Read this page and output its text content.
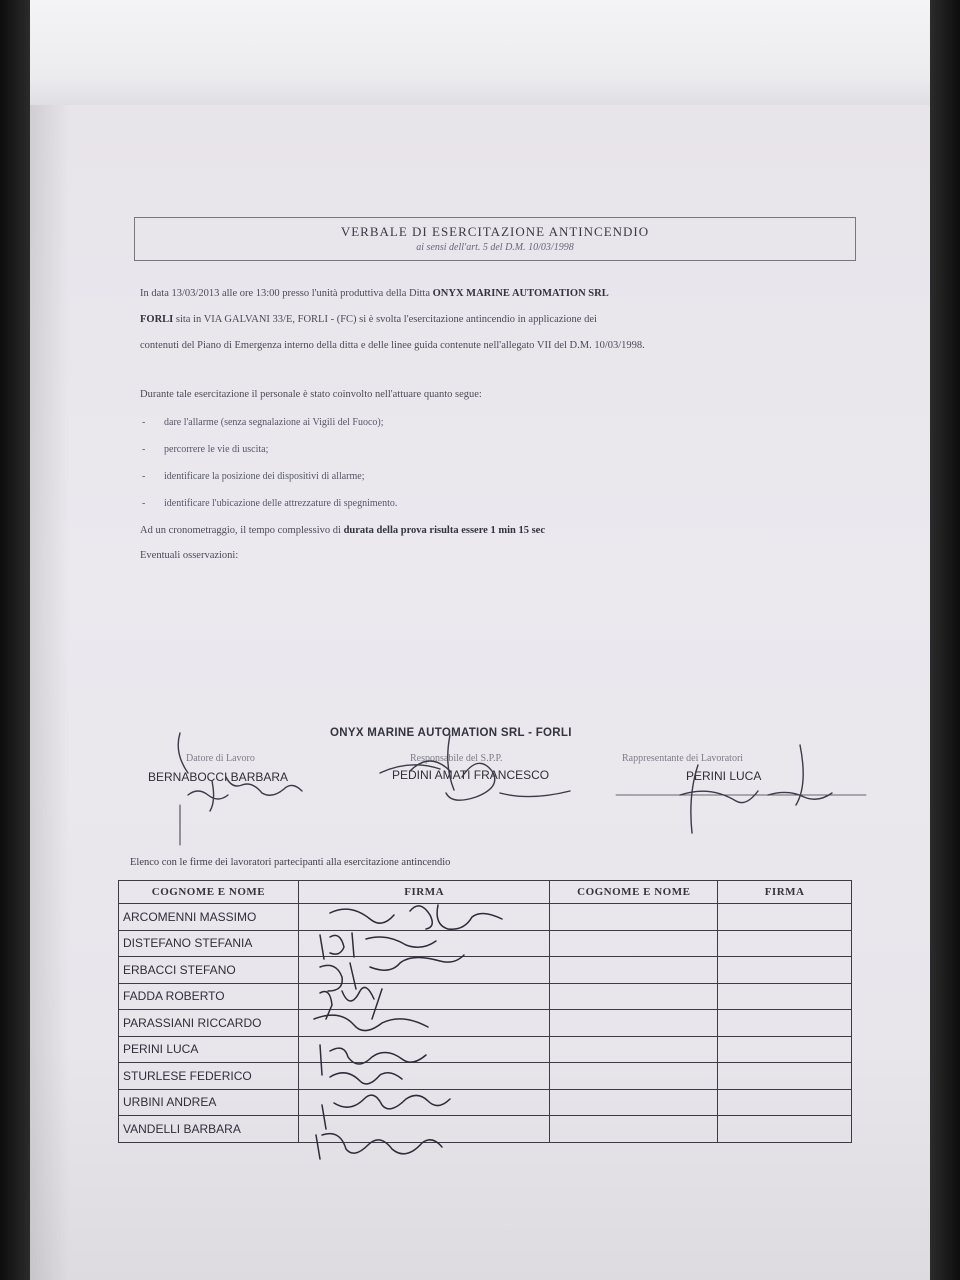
VERBALE DI ESERCITAZIONE ANTINCENDIO
ai sensi dell'art. 5 del D.M. 10/03/1998
In data 13/03/2013 alle ore 13:00 presso l'unità produttiva della Ditta ONYX MARINE AUTOMATION SRL
FORLI sita in VIA GALVANI 33/E, FORLI - (FC) si è svolta l'esercitazione antincendio in applicazione dei
contenuti del Piano di Emergenza interno della ditta e delle linee guida contenute nell'allegato VII del D.M. 10/03/1998.
Durante tale esercitazione il personale è stato coinvolto nell'attuare quanto segue:
- dare l'allarme (senza segnalazione ai Vigili del Fuoco);
- percorrere le vie di uscita;
- identificare la posizione dei dispositivi di allarme;
- identificare l'ubicazione delle attrezzature di spegnimento.
Ad un cronometraggio, il tempo complessivo di durata della prova risulta essere 1 min 15 sec
Eventuali osservazioni:
ONYX MARINE AUTOMATION SRL - FORLI
Datore di Lavoro
BERNABOCCI BARBARA
Responsabile del S.P.P.
PEDINI AMATI FRANCESCO
Rappresentante dei Lavoratori
PERINI LUCA
Elenco con le firme dei lavoratori partecipanti alla esercitazione antincendio
COGNOME E NOME	FIRMA	COGNOME E NOME	FIRMA
ARCOMENNI MASSIMO			
DISTEFANO STEFANIA			
ERBACCI STEFANO			
FADDA ROBERTO			
PARASSIANI RICCARDO			
PERINI LUCA			
STURLESE FEDERICO			
URBINI ANDREA			
VANDELLI BARBARA			
